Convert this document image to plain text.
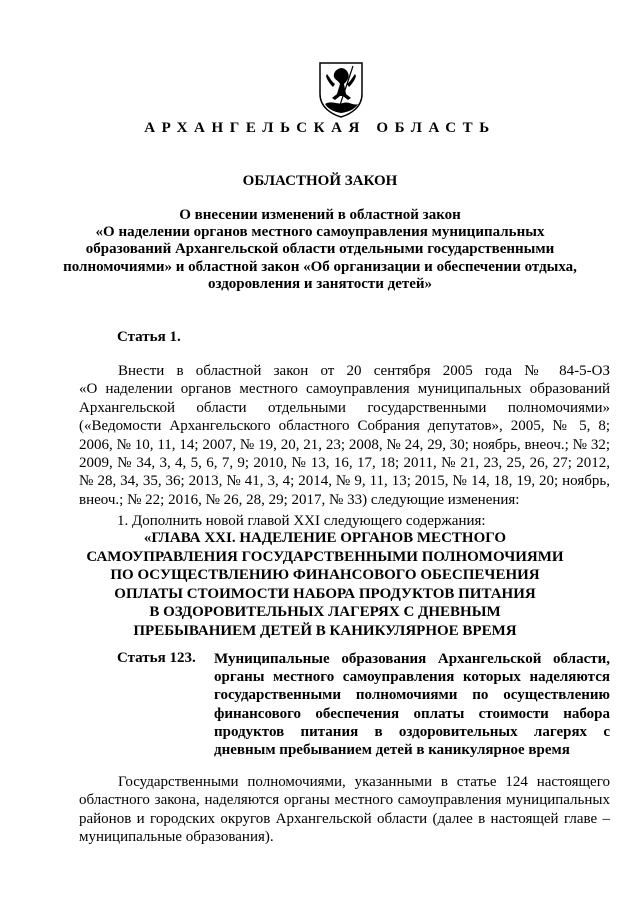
АРХАНГЕЛЬСКАЯ ОБЛАСТЬ
ОБЛАСТНОЙ ЗАКОН
О внесении изменений в областной закон
«О наделении органов местного самоуправления муниципальных
образований Архангельской области отдельными государственными
полномочиями» и областной закон «Об организации и обеспечении отдыха,
оздоровления и занятости детей»
Статья 1.
Внести в областной закон от 20 сентября 2005 года № 84-5-ОЗ
«О наделении органов местного самоуправления муниципальных образований
Архангельской области отдельными государственными полномочиями»
(«Ведомости Архангельского областного Собрания депутатов», 2005, № 5, 8;
2006, № 10, 11, 14; 2007, № 19, 20, 21, 23; 2008, № 24, 29, 30; ноябрь, внеоч.; № 32;
2009, № 34, 3, 4, 5, 6, 7, 9; 2010, № 13, 16, 17, 18; 2011, № 21, 23, 25, 26, 27; 2012,
№ 28, 34, 35, 36; 2013, № 41, 3, 4; 2014, № 9, 11, 13; 2015, № 14, 18, 19, 20; ноябрь,
внеоч.; № 22; 2016, № 26, 28, 29; 2017, № 33) следующие изменения:
1. Дополнить новой главой XXI следующего содержания:
«ГЛАВА XXI. НАДЕЛЕНИЕ ОРГАНОВ МЕСТНОГО
САМОУПРАВЛЕНИЯ ГОСУДАРСТВЕННЫМИ ПОЛНОМОЧИЯМИ
ПО ОСУЩЕСТВЛЕНИЮ ФИНАНСОВОГО ОБЕСПЕЧЕНИЯ
ОПЛАТЫ СТОИМОСТИ НАБОРА ПРОДУКТОВ ПИТАНИЯ
В ОЗДОРОВИТЕЛЬНЫХ ЛАГЕРЯХ С ДНЕВНЫМ
ПРЕБЫВАНИЕМ ДЕТЕЙ В КАНИКУЛЯРНОЕ ВРЕМЯ
Статья 123. Муниципальные образования Архангельской области,
органы местного самоуправления которых наделяются
государственными полномочиями по осуществлению
финансового обеспечения оплаты стоимости набора
продуктов питания в оздоровительных лагерях с
дневным пребыванием детей в каникулярное время
Государственными полномочиями, указанными в статье 124 настоящего
областного закона, наделяются органы местного самоуправления муниципальных
районов и городских округов Архангельской области (далее в настоящей главе –
муниципальные образования).
